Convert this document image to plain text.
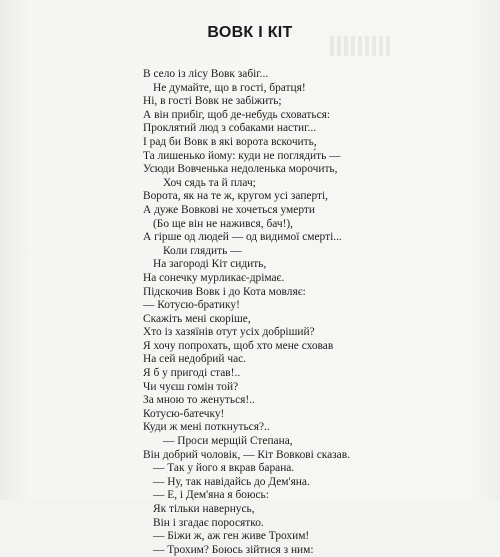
ВОВК І КІТ
В село із лісу Вовк забіг...
Не думайте, що в гості, братця!
Ні, в гості Вовк не забіжить;
А він прибіг, щоб де-небудь сховаться:
Проклятий люд з собаками настиг...
І рад би Вовк в які ворота вскочить,
Та лишенько йому: куди не погляди́ть —
Усюди Вовченька недоленька морочить,
Хоч сядь та й плач;
Ворота, як на те ж, кругом усі заперті,
А дуже Вовкові не хочеться умерти
(Бо ще він не нажився, бач!),
А гірше од людей — од видимої смерті...
Коли глядить —
На загороді Кіт сидить,
На сонечку мурликає-дрімає.
Підскочив Вовк і до Кота мовляє:
— Котусю-братику!
Скажіть мені скоріше,
Хто із хазяїнів отут усіх добріший?
Я хочу попрохать, щоб хто мене сховав
На сей недобрий час.
Я б у пригоді став!..
Чи чуєш гомін той?
За мною то женуться!..
Котусю-батечку!
Куди ж мені поткнуться?..
— Проси мерщій Степана,
Він добрий чоловік, — Кіт Вовкові сказав.
— Так у його я вкрав барана.
— Ну, так навідайсь до Дем'яна.
— Е, і Дем'яна я боюсь:
Як тільки навернусь,
Він і згадає поросятко.
— Біжи ж, аж ген живе Трохим!
— Трохим? Боюсь зійтися з ним:
